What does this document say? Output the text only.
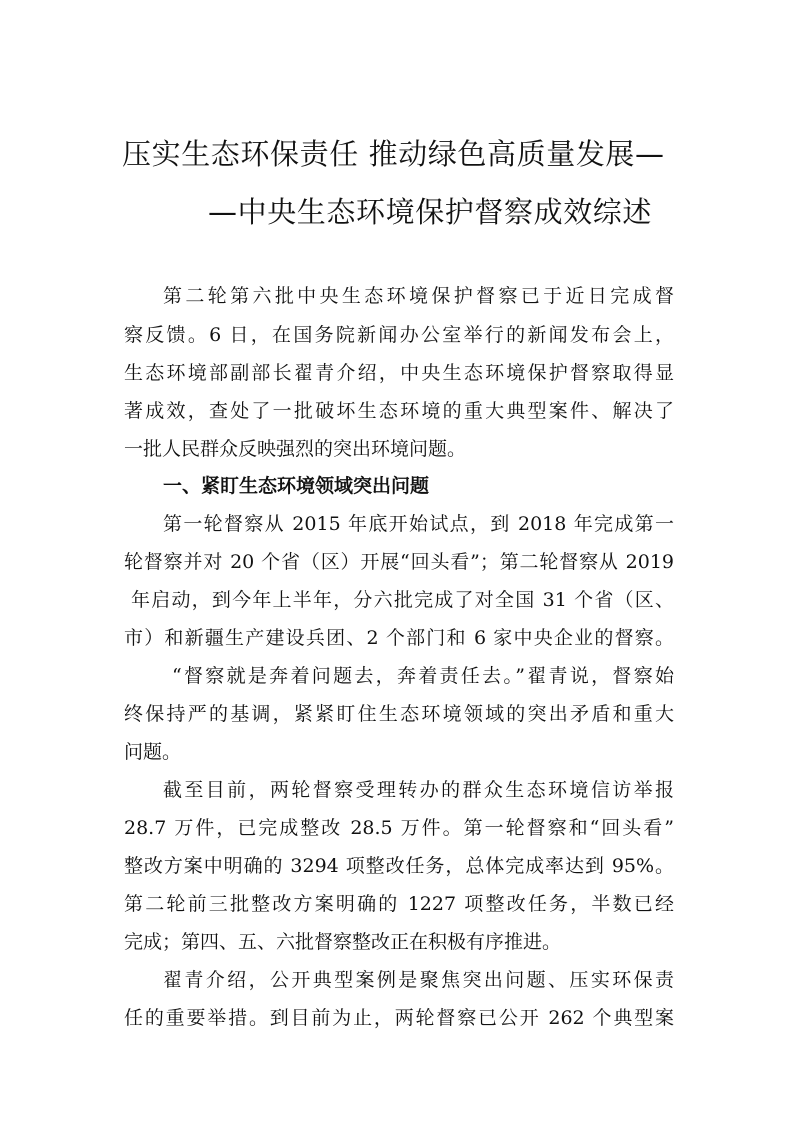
压实生态环保责任 推动绿色高质量发展—
—中央生态环境保护督察成效综述

第二轮第六批中央生态环境保护督察已于近日完成督

察反馈。6 日，在国务院新闻办公室举行的新闻发布会上，

生态环境部副部长翟青介绍，中央生态环境保护督察取得显

著成效，查处了一批破坏生态环境的重大典型案件、解决了

一批人民群众反映强烈的突出环境问题。

一、紧盯生态环境领域突出问题

第一轮督察从 2015 年底开始试点，到 2018 年完成第一

轮督察并对 20 个省（区）开展“回头看”；第二轮督察从 2019

年启动，到今年上半年，分六批完成了对全国 31 个省（区、

市）和新疆生产建设兵团、2 个部门和 6 家中央企业的督察。

“督察就是奔着问题去，奔着责任去。”翟青说，督察始

终保持严的基调，紧紧盯住生态环境领域的突出矛盾和重大

问题。

截至目前，两轮督察受理转办的群众生态环境信访举报

28.7 万件，已完成整改 28.5 万件。第一轮督察和“回头看”

整改方案中明确的 3294 项整改任务，总体完成率达到 95%。

第二轮前三批整改方案明确的 1227 项整改任务，半数已经

完成；第四、五、六批督察整改正在积极有序推进。

翟青介绍，公开典型案例是聚焦突出问题、压实环保责

任的重要举措。到目前为止，两轮督察已公开 262 个典型案
